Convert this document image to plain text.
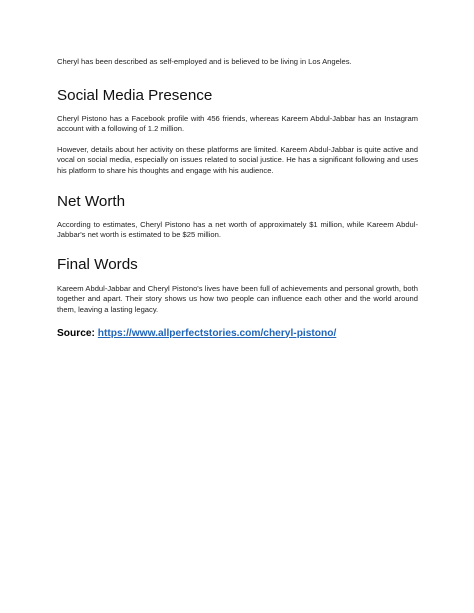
Cheryl has been described as self-employed and is believed to be living in Los Angeles.

Social Media Presence

Cheryl Pistono has a Facebook profile with 456 friends, whereas Kareem Abdul-Jabbar has an Instagram account with a following of 1.2 million.

However, details about her activity on these platforms are limited. Kareem Abdul-Jabbar is quite active and vocal on social media, especially on issues related to social justice. He has a significant following and uses his platform to share his thoughts and engage with his audience.

Net Worth

According to estimates, Cheryl Pistono has a net worth of approximately $1 million, while Kareem Abdul-Jabbar's net worth is estimated to be $25 million.

Final Words

Kareem Abdul-Jabbar and Cheryl Pistono's lives have been full of achievements and personal growth, both together and apart. Their story shows us how two people can influence each other and the world around them, leaving a lasting legacy.

Source: https://www.allperfectstories.com/cheryl-pistono/
